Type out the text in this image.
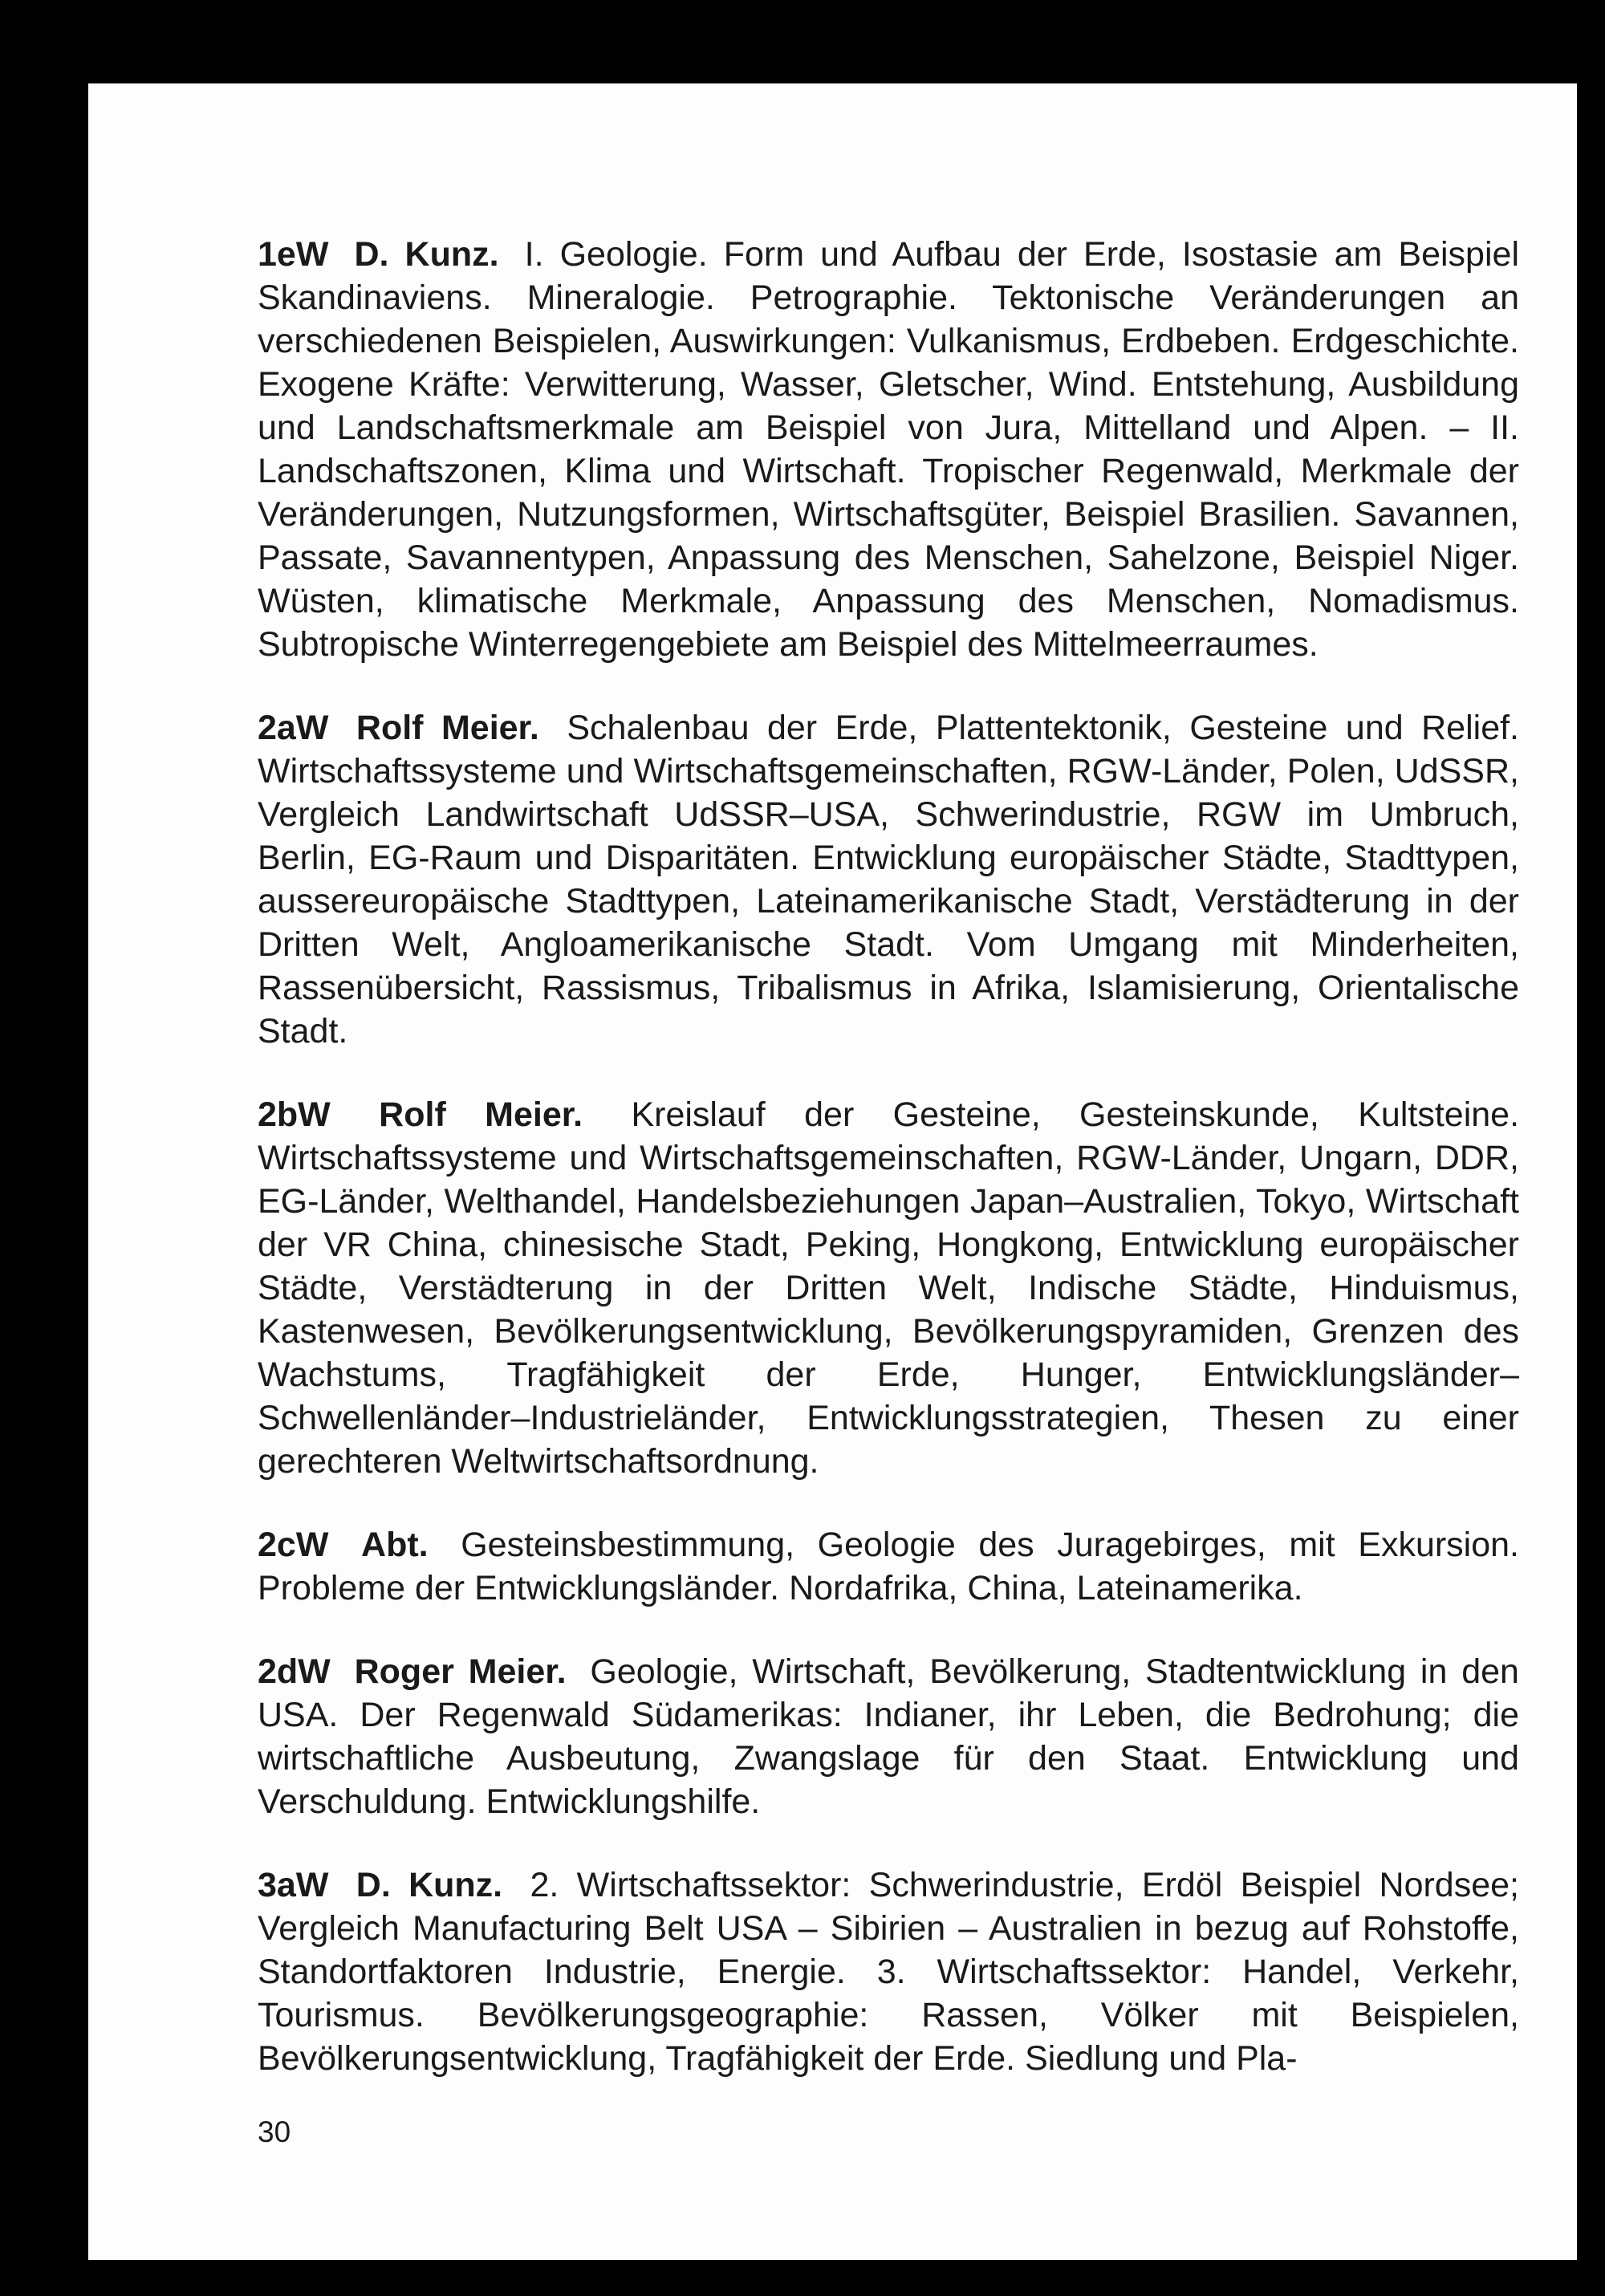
1eW D. Kunz. I. Geologie. Form und Aufbau der Erde, Isostasie am Beispiel Skandinaviens. Mineralogie. Petrographie. Tektonische Veränderungen an verschiedenen Beispielen, Auswirkungen: Vulkanismus, Erdbeben. Erdgeschichte. Exogene Kräfte: Verwitterung, Wasser, Gletscher, Wind. Entstehung, Ausbildung und Landschaftsmerkmale am Beispiel von Jura, Mittelland und Alpen. – II. Landschaftszonen, Klima und Wirtschaft. Tropischer Regenwald, Merkmale der Veränderungen, Nutzungsformen, Wirtschaftsgüter, Beispiel Brasilien. Savannen, Passate, Savannentypen, Anpassung des Menschen, Sahelzone, Beispiel Niger. Wüsten, klimatische Merkmale, Anpassung des Menschen, Nomadismus. Subtropische Winterregengebiete am Beispiel des Mittelmeerraumes.

2aW Rolf Meier. Schalenbau der Erde, Plattentektonik, Gesteine und Relief. Wirtschaftssysteme und Wirtschaftsgemeinschaften, RGW-Länder, Polen, UdSSR, Vergleich Landwirtschaft UdSSR–USA, Schwerindustrie, RGW im Umbruch, Berlin, EG-Raum und Disparitäten. Entwicklung europäischer Städte, Stadttypen, aussereuropäische Stadttypen, Lateinamerikanische Stadt, Verstädterung in der Dritten Welt, Angloamerikanische Stadt. Vom Umgang mit Minderheiten, Rassenübersicht, Rassismus, Tribalismus in Afrika, Islamisierung, Orientalische Stadt.

2bW Rolf Meier. Kreislauf der Gesteine, Gesteinskunde, Kultsteine. Wirtschaftssysteme und Wirtschaftsgemeinschaften, RGW-Länder, Ungarn, DDR, EG-Länder, Welthandel, Handelsbeziehungen Japan–Australien, Tokyo, Wirtschaft der VR China, chinesische Stadt, Peking, Hongkong, Entwicklung europäischer Städte, Verstädterung in der Dritten Welt, Indische Städte, Hinduismus, Kastenwesen, Bevölkerungsentwicklung, Bevölkerungspyramiden, Grenzen des Wachstums, Tragfähigkeit der Erde, Hunger, Entwicklungsländer–Schwellenländer–Industrieländer, Entwicklungsstrategien, Thesen zu einer gerechteren Weltwirtschaftsordnung.

2cW Abt. Gesteinsbestimmung, Geologie des Juragebirges, mit Exkursion. Probleme der Entwicklungsländer. Nordafrika, China, Lateinamerika.

2dW Roger Meier. Geologie, Wirtschaft, Bevölkerung, Stadtentwicklung in den USA. Der Regenwald Südamerikas: Indianer, ihr Leben, die Bedrohung; die wirtschaftliche Ausbeutung, Zwangslage für den Staat. Entwicklung und Verschuldung. Entwicklungshilfe.

3aW D. Kunz. 2. Wirtschaftssektor: Schwerindustrie, Erdöl Beispiel Nordsee; Vergleich Manufacturing Belt USA – Sibirien – Australien in bezug auf Rohstoffe, Standortfaktoren Industrie, Energie. 3. Wirtschaftssektor: Handel, Verkehr, Tourismus. Bevölkerungsgeographie: Rassen, Völker mit Beispielen, Bevölkerungsentwicklung, Tragfähigkeit der Erde. Siedlung und Pla-

30
